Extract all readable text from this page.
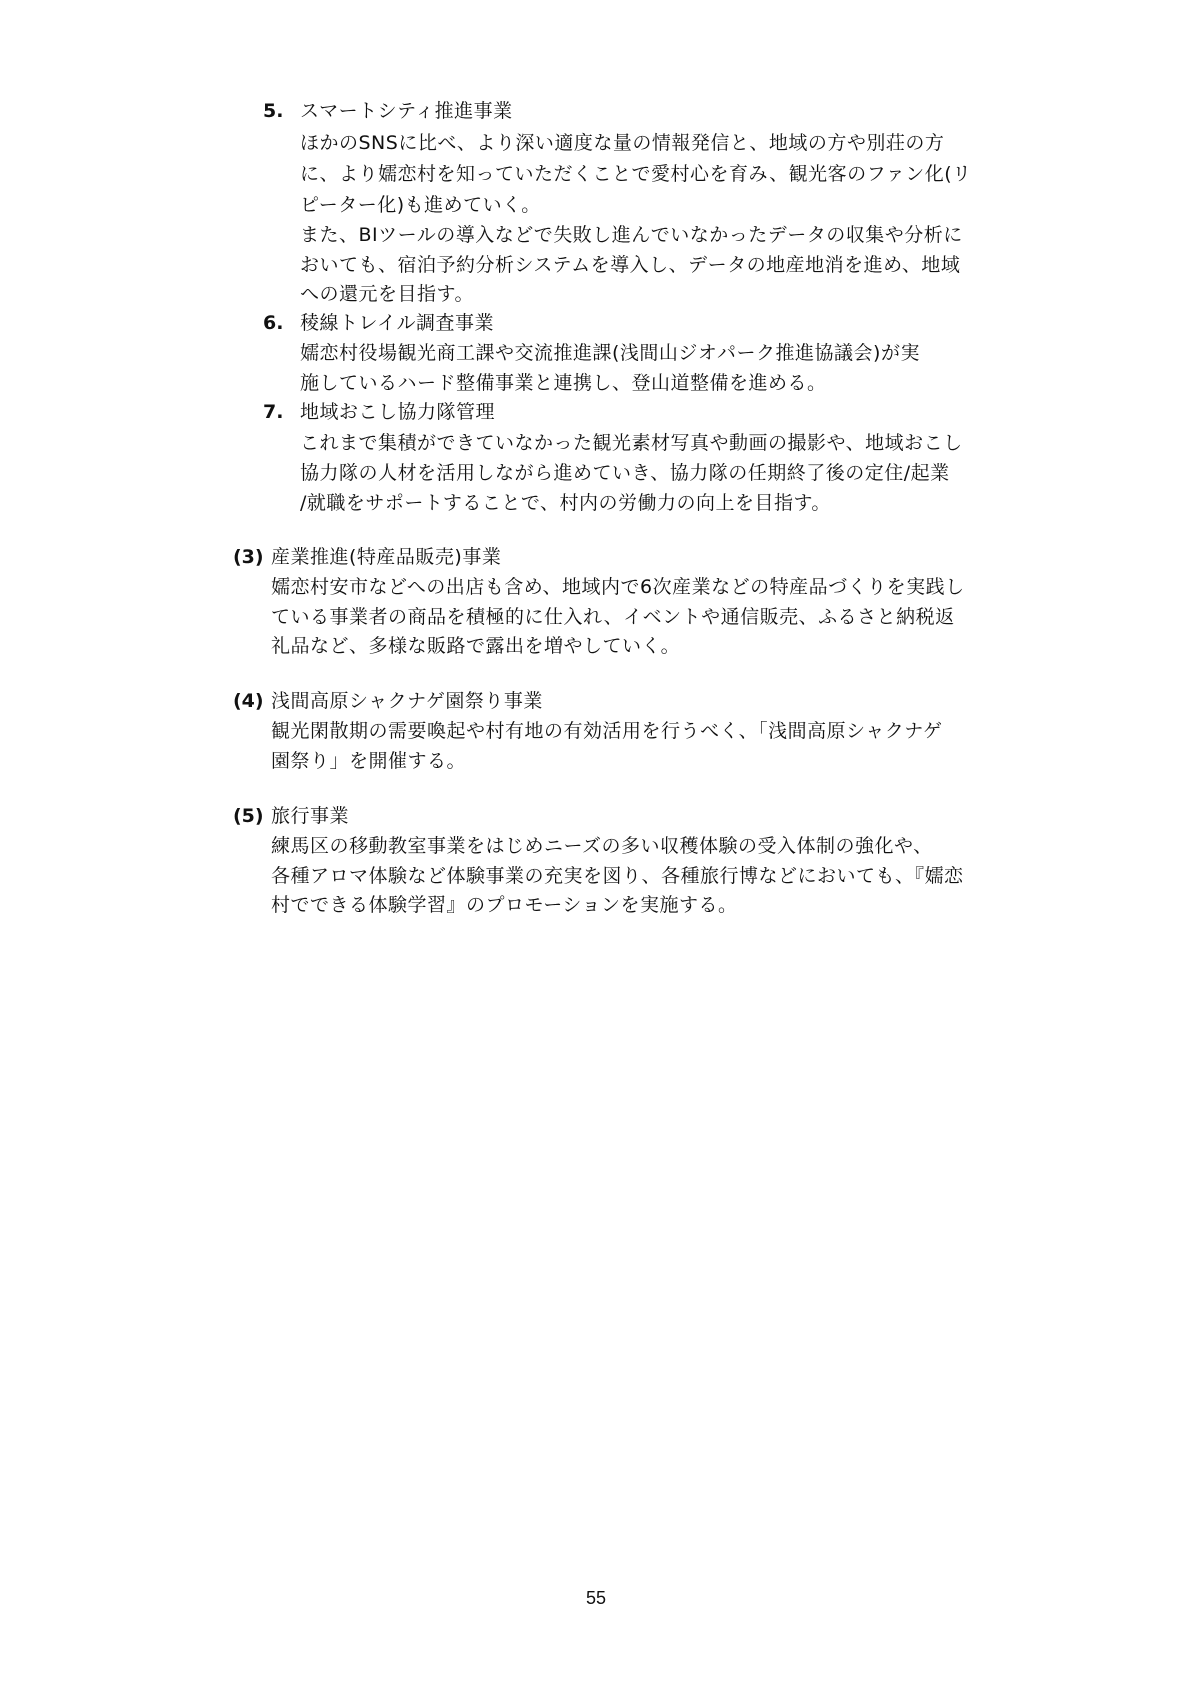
5. スマートシティ推進事業
ほかのSNSに比べ、より深い適度な量の情報発信と、地域の方や別荘の方
に、より嬬恋村を知っていただくことで愛村心を育み、観光客のファン化(リ
ピーター化)も進めていく。
また、BIツールの導入などで失敗し進んでいなかったデータの収集や分析に
おいても、宿泊予約分析システムを導入し、データの地産地消を進め、地域
への還元を目指す。
6. 稜線トレイル調査事業
嬬恋村役場観光商工課や交流推進課(浅間山ジオパーク推進協議会)が実
施しているハード整備事業と連携し、登山道整備を進める。
7. 地域おこし協力隊管理
これまで集積ができていなかった観光素材写真や動画の撮影や、地域おこし
協力隊の人材を活用しながら進めていき、協力隊の任期終了後の定住/起業
/就職をサポートすることで、村内の労働力の向上を目指す。
(3) 産業推進(特産品販売)事業
嬬恋村安市などへの出店も含め、地域内で6次産業などの特産品づくりを実践し
ている事業者の商品を積極的に仕入れ、イベントや通信販売、ふるさと納税返
礼品など、多様な販路で露出を増やしていく。
(4) 浅間高原シャクナゲ園祭り事業
観光閑散期の需要喚起や村有地の有効活用を行うべく、「浅間高原シャクナゲ
園祭り」を開催する。
(5) 旅行事業
練馬区の移動教室事業をはじめニーズの多い収穫体験の受入体制の強化や、
各種アロマ体験など体験事業の充実を図り、各種旅行博などにおいても、『嬬恋
村でできる体験学習』のプロモーションを実施する。
55
